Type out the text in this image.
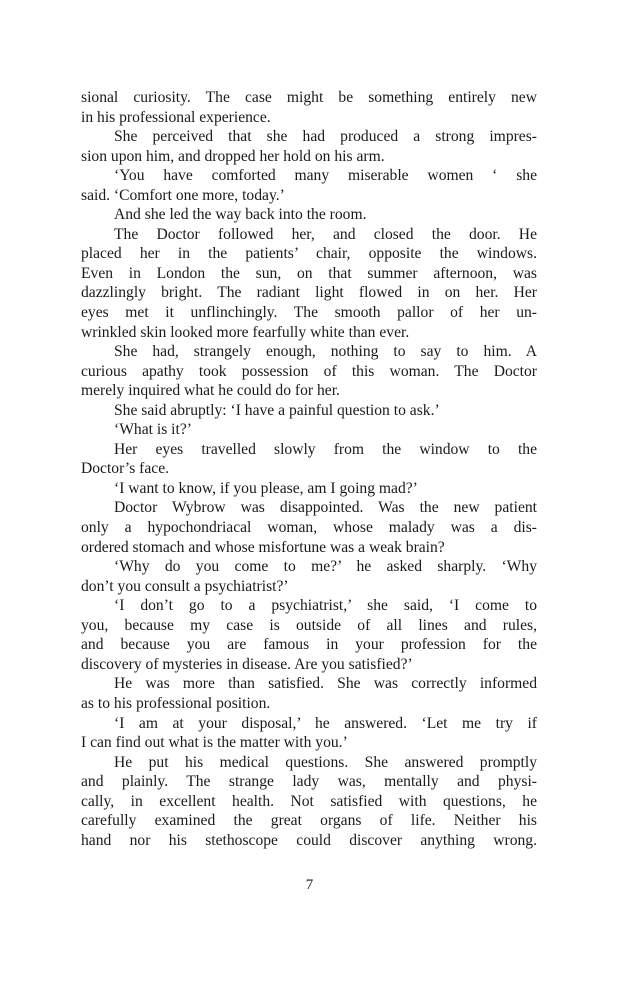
sional curiosity. The case might be something entirely new
in his professional experience.
She perceived that she had produced a strong impres-
sion upon him, and dropped her hold on his arm.
‘You have comforted many miserable women ‘ she
said. ‘Comfort one more, today.’
And she led the way back into the room.
The Doctor followed her, and closed the door. He
placed her in the patients’ chair, opposite the windows.
Even in London the sun, on that summer afternoon, was
dazzlingly bright. The radiant light flowed in on her. Her
eyes met it unflinchingly. The smooth pallor of her un-
wrinkled skin looked more fearfully white than ever.
She had, strangely enough, nothing to say to him. A
curious apathy took possession of this woman. The Doctor
merely inquired what he could do for her.
She said abruptly: ‘I have a painful question to ask.’
‘What is it?’
Her eyes travelled slowly from the window to the
Doctor’s face.
‘I want to know, if you please, am I going mad?’
Doctor Wybrow was disappointed. Was the new patient
only a hypochondriacal woman, whose malady was a dis-
ordered stomach and whose misfortune was a weak brain?
‘Why do you come to me?’ he asked sharply. ‘Why
don’t you consult a psychiatrist?’
‘I don’t go to a psychiatrist,’ she said, ‘I come to
you, because my case is outside of all lines and rules,
and because you are famous in your profession for the
discovery of mysteries in disease. Are you satisfied?’
He was more than satisfied. She was correctly informed
as to his professional position.
‘I am at your disposal,’ he answered. ‘Let me try if
I can find out what is the matter with you.’
He put his medical questions. She answered promptly
and plainly. The strange lady was, mentally and physi-
cally, in excellent health. Not satisfied with questions, he
carefully examined the great organs of life. Neither his
hand nor his stethoscope could discover anything wrong.
7
